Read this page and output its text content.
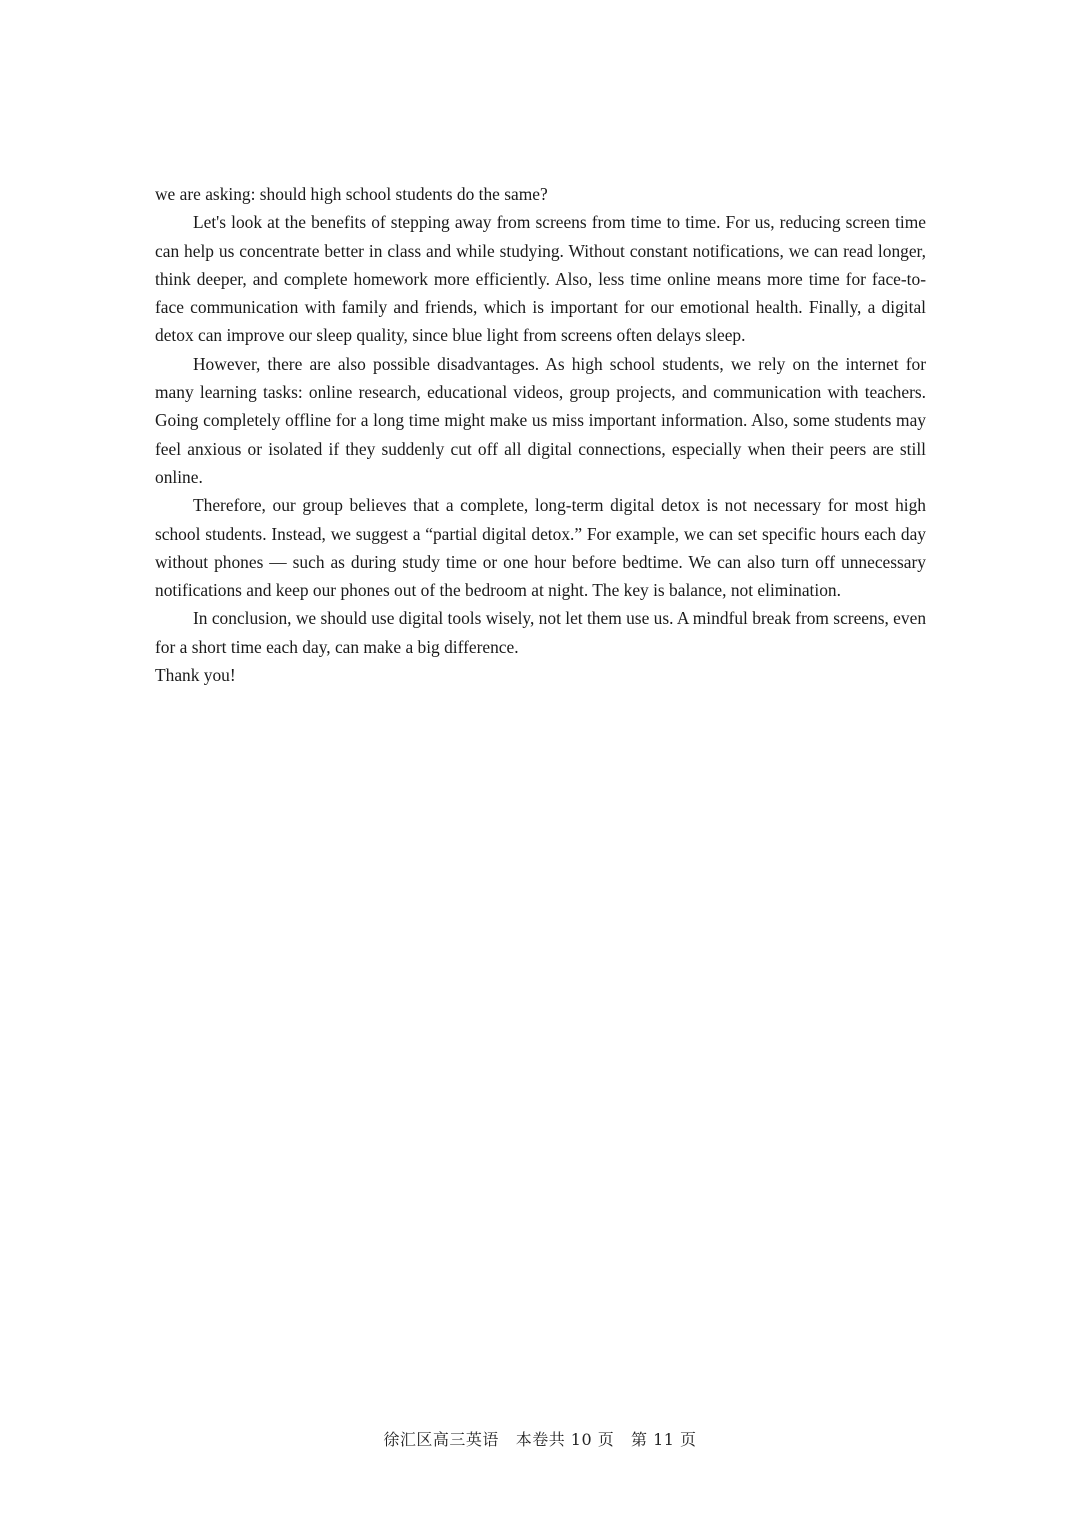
we are asking: should high school students do the same?

Let's look at the benefits of stepping away from screens from time to time. For us, reducing screen time can help us concentrate better in class and while studying. Without constant notifications, we can read longer, think deeper, and complete homework more efficiently. Also, less time online means more time for face-to-face communication with family and friends, which is important for our emotional health. Finally, a digital detox can improve our sleep quality, since blue light from screens often delays sleep.

However, there are also possible disadvantages. As high school students, we rely on the internet for many learning tasks: online research, educational videos, group projects, and communication with teachers. Going completely offline for a long time might make us miss important information. Also, some students may feel anxious or isolated if they suddenly cut off all digital connections, especially when their peers are still online.

Therefore, our group believes that a complete, long-term digital detox is not necessary for most high school students. Instead, we suggest a “partial digital detox.” For example, we can set specific hours each day without phones — such as during study time or one hour before bedtime. We can also turn off unnecessary notifications and keep our phones out of the bedroom at night. The key is balance, not elimination.

In conclusion, we should use digital tools wisely, not let them use us. A mindful break from screens, even for a short time each day, can make a big difference.

Thank you!

徐汇区高三英语 本卷共 10 页 第 11 页
